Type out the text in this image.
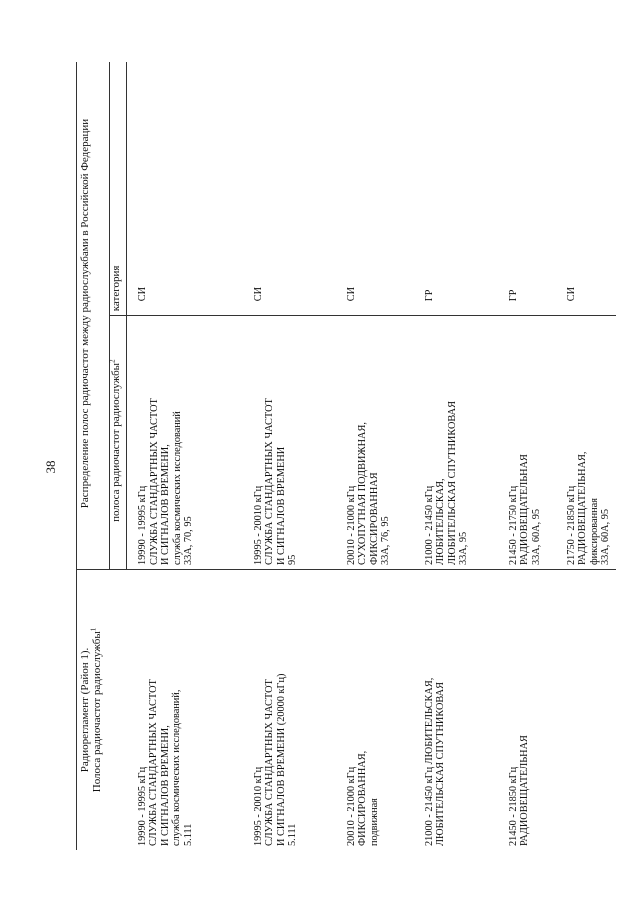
38
Радиорегламент (Район 1). Полоса радиочастот радиослужбы$^1$	Распределение полос радиочастот между радиослужбами в Российской Федерации	
	полоса радиочастот радиослужбы$^2$	категория

19990 - 19995 кГц СЛУЖБА СТАНДАРТНЫХ ЧАСТОТ И СИГНАЛОВ ВРЕМЕНИ, служба космических исследований, 5.111	19990 - 19995 кГц СЛУЖБА СТАНДАРТНЫХ ЧАСТОТ И СИГНАЛОВ ВРЕМЕНИ, служба космических исследований 33А, 70, 95	СИ

19995 - 20010 кГц СЛУЖБА СТАНДАРТНЫХ ЧАСТОТ И СИГНАЛОВ ВРЕМЕНИ (20000 кГц) 5.111	19995 - 20010 кГц СЛУЖБА СТАНДАРТНЫХ ЧАСТОТ И СИГНАЛОВ ВРЕМЕНИ 95	СИ

20010 - 21000 кГц ФИКСИРОВАННАЯ, подвижная	20010 - 21000 кГц СУХОПУТНАЯ ПОДВИЖНАЯ, ФИКСИРОВАННАЯ 33А, 76, 95	СИ

21000 - 21450 кГц ЛЮБИТЕЛЬСКАЯ, ЛЮБИТЕЛЬСКАЯ СПУТНИКОВАЯ	21000 - 21450 кГц ЛЮБИТЕЛЬСКАЯ, ЛЮБИТЕЛЬСКАЯ СПУТНИКОВАЯ 33А, 95	ГР

21450 - 21850 кГц РАДИОВЕЩАТЕЛЬНАЯ	21450 - 21750 кГц РАДИОВЕЩАТЕЛЬНАЯ 33А, 60А, 95	ГР

	21750 - 21850 кГц РАДИОВЕЩАТЕЛЬНАЯ, фиксированная 33А, 60А, 95	СИ
